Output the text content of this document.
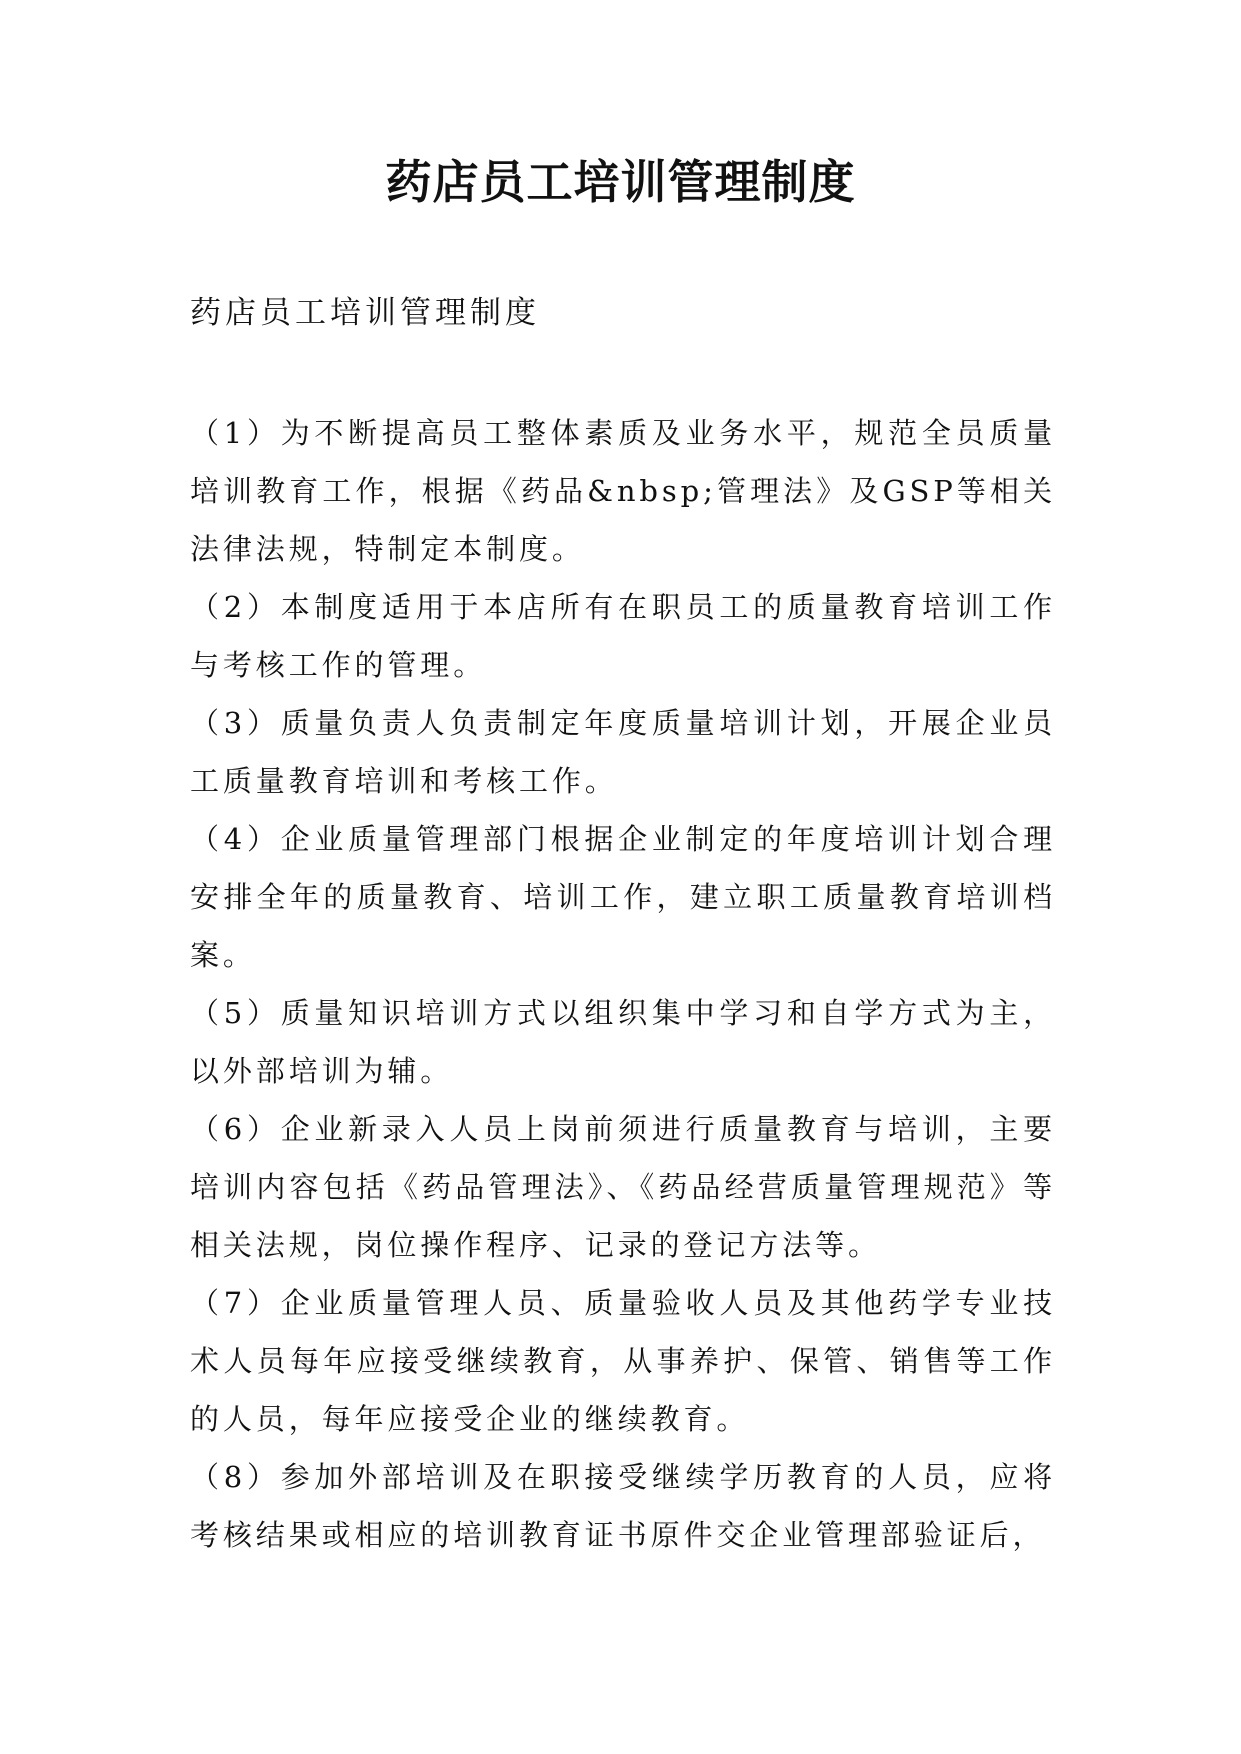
药店员工培训管理制度

药店员工培训管理制度

（1）为不断提高员工整体素质及业务水平，规范全员质量培训教育工作，根据《药品&nbsp;管理法》及GSP等相关法律法规，特制定本制度。

（2）本制度适用于本店所有在职员工的质量教育培训工作与考核工作的管理。

（3）质量负责人负责制定年度质量培训计划，开展企业员工质量教育培训和考核工作。

（4）企业质量管理部门根据企业制定的年度培训计划合理安排全年的质量教育、培训工作，建立职工质量教育培训档案。

（5）质量知识培训方式以组织集中学习和自学方式为主，以外部培训为辅。

（6）企业新录入人员上岗前须进行质量教育与培训，主要培训内容包括《药品管理法》、《药品经营质量管理规范》等相关法规，岗位操作程序、记录的登记方法等。

（7）企业质量管理人员、质量验收人员及其他药学专业技术人员每年应接受继续教育，从事养护、保管、销售等工作的人员，每年应接受企业的继续教育。

（8）参加外部培训及在职接受继续学历教育的人员，应将考核结果或相应的培训教育证书原件交企业管理部验证后，
